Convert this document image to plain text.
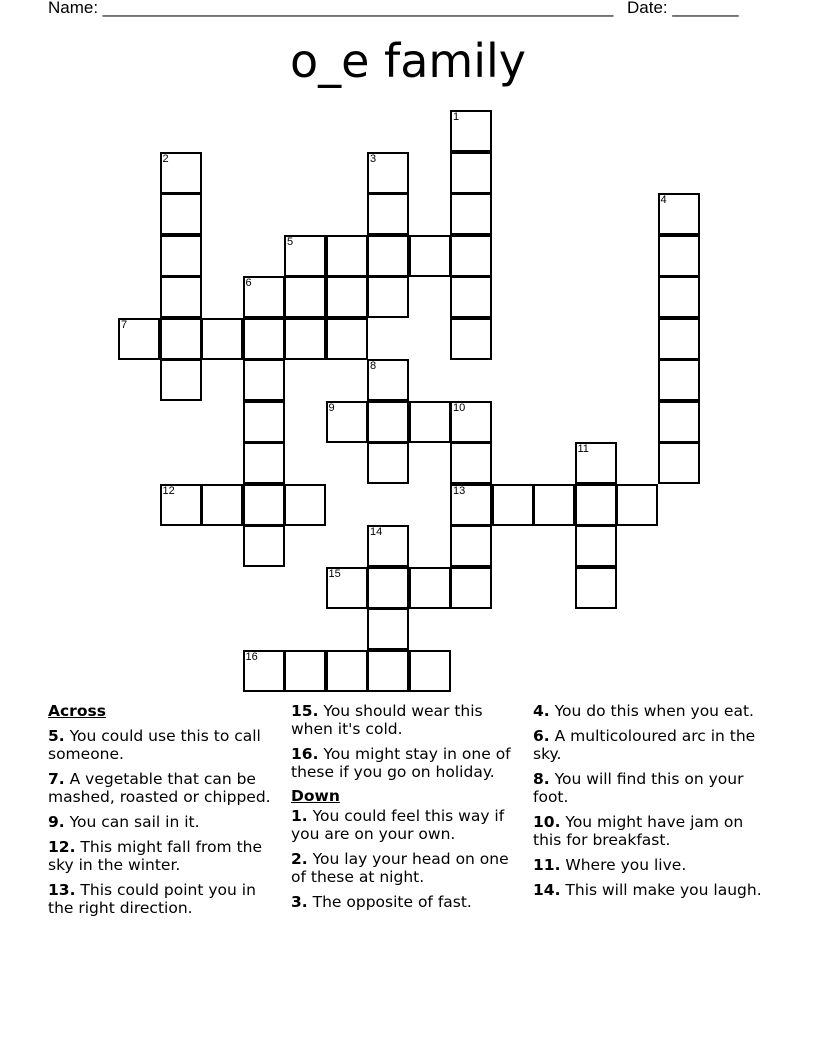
Name: ______________________________________________________ Date: _______
o_e family
1
2	3
4
5
6
7
8
9	10
11
12	13
14
15
16
Across
5. You could use this to call someone.
7. A vegetable that can be mashed, roasted or chipped.
9. You can sail in it.
12. This might fall from the sky in the winter.
13. This could point you in the right direction.
15. You should wear this when it's cold.
16. You might stay in one of these if you go on holiday.
Down
1. You could feel this way if you are on your own.
2. You lay your head on one of these at night.
3. The opposite of fast.
4. You do this when you eat.
6. A multicoloured arc in the sky.
8. You will find this on your foot.
10. You might have jam on this for breakfast.
11. Where you live.
14. This will make you laugh.
